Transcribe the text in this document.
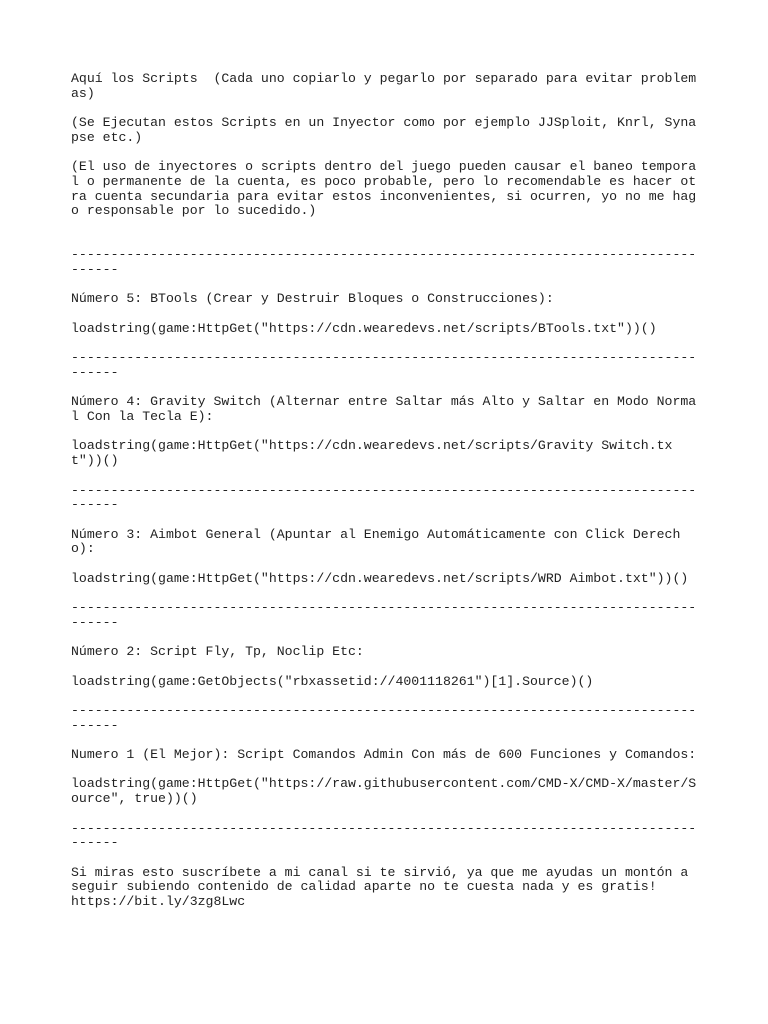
Aquí los Scripts  (Cada uno copiarlo y pegarlo por separado para evitar problemas)

(Se Ejecutan estos Scripts en un Inyector como por ejemplo JJSploit, Knrl, Synapse etc.)

(El uso de inyectores o scripts dentro del juego pueden causar el baneo temporal o permanente de la cuenta, es poco probable, pero lo recomendable es hacer otra cuenta secundaria para evitar estos inconvenientes, si ocurren, yo no me hago responsable por lo sucedido.)

-------------------------------------------------------------------------------------

Número 5: BTools (Crear y Destruir Bloques o Construcciones):

loadstring(game:HttpGet("https://cdn.wearedevs.net/scripts/BTools.txt"))()

-------------------------------------------------------------------------------------

Número 4: Gravity Switch (Alternar entre Saltar más Alto y Saltar en Modo Normal Con la Tecla E):

loadstring(game:HttpGet("https://cdn.wearedevs.net/scripts/Gravity Switch.txt"))()

-------------------------------------------------------------------------------------

Número 3: Aimbot General (Apuntar al Enemigo Automáticamente con Click Derecho):

loadstring(game:HttpGet("https://cdn.wearedevs.net/scripts/WRD Aimbot.txt"))()

-------------------------------------------------------------------------------------

Número 2: Script Fly, Tp, Noclip Etc:

loadstring(game:GetObjects("rbxassetid://4001118261")[1].Source)()

-------------------------------------------------------------------------------------

Numero 1 (El Mejor): Script Comandos Admin Con más de 600 Funciones y Comandos:

loadstring(game:HttpGet("https://raw.githubusercontent.com/CMD-X/CMD-X/master/Source", true))()

-------------------------------------------------------------------------------------

Si miras esto suscríbete a mi canal si te sirvió, ya que me ayudas un montón a seguir subiendo contenido de calidad aparte no te cuesta nada y es gratis!
https://bit.ly/3zg8Lwc
